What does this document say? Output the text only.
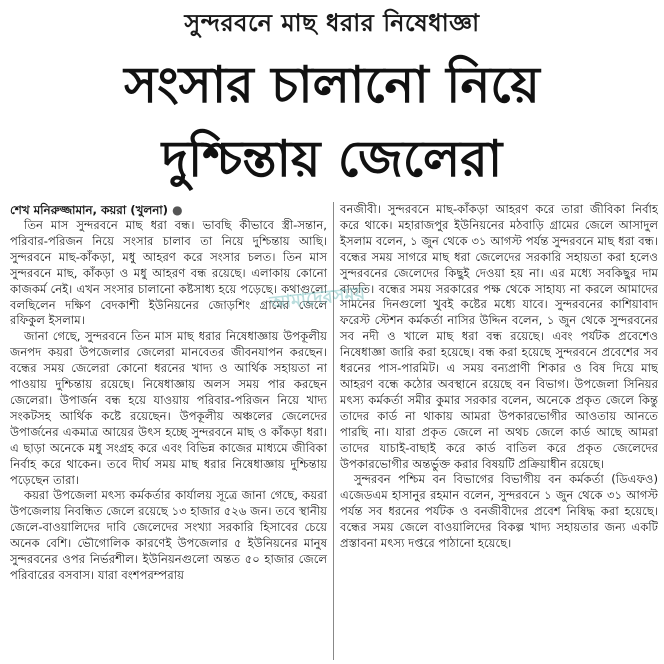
সুন্দরবনে মাছ ধরার নিষেধাজ্ঞা
সংসার চালানো নিয়ে
দুশ্চিন্তায় জেলেরা

শেখ মনিরুজ্জামান, কয়রা (খুলনা) ●

তিন মাস সুন্দরবনে মাছ ধরা বন্ধ। ভাবছি কীভাবে স্ত্রী-সন্তান, পরিবার-পরিজন নিয়ে সংসার চালাব তা নিয়ে দুশ্চিন্তায় আছি। সুন্দরবনে মাছ-কাঁকড়া, মধু আহরণ করে সংসার চলত। তিন মাস সুন্দরবনে মাছ, কাঁকড়া ও মধু আহরণ বন্ধ রয়েছে। এলাকায় কোনো কাজকর্ম নেই। এখন সংসার চালানো কষ্টসাধ্য হয়ে পড়েছে। কথাগুলো বলছিলেন দক্ষিণ বেদকাশী ইউনিয়নের জোড়শিং গ্রামের জেলে রফিকুল ইসলাম।

জানা গেছে, সুন্দরবনে তিন মাস মাছ ধরার নিষেধাজ্ঞায় উপকূলীয় জনপদ কয়রা উপজেলার জেলেরা মানবেতর জীবনযাপন করছেন। বন্ধের সময় জেলেরা কোনো ধরনের খাদ্য ও আর্থিক সহায়তা না পাওয়ায় দুশ্চিন্তায় রয়েছে। নিষেধাজ্ঞায় অলস সময় পার করছেন জেলেরা। উপার্জন বন্ধ হয়ে যাওয়ায় পরিবার-পরিজন নিয়ে খাদ্য সংকটসহ আর্থিক কষ্টে রয়েছেন। উপকূলীয় অঞ্চলের জেলেদের উপার্জনের একমাত্র আয়ের উৎস হচ্ছে সুন্দরবনে মাছ ও কাঁকড়া ধরা। এ ছাড়া অনেকে মধু সংগ্রহ করে এবং বিভিন্ন কাজের মাধ্যমে জীবিকা নির্বাহ করে থাকেন। তবে দীর্ঘ সময় মাছ ধরার নিষেধাজ্ঞায় দুশ্চিন্তায় পড়েছেন তারা।

কয়রা উপজেলা মৎস্য কর্মকর্তার কার্যালয় সূত্রে জানা গেছে, কয়রা উপজেলায় নিবন্ধিত জেলে রয়েছে ১৩ হাজার ৫২৬ জন। তবে স্থানীয় জেলে-বাওয়ালিদের দাবি জেলেদের সংখ্যা সরকারি হিসাবের চেয়ে অনেক বেশি। ভৌগোলিক কারণেই উপজেলার ৫ ইউনিয়নের মানুষ সুন্দরবনের ওপর নির্ভরশীল। ইউনিয়নগুলো অন্তত ৫০ হাজার জেলে পরিবারের বসবাস। যারা বংশপরম্পরায়

বনজীবী। সুন্দরবনে মাছ-কাঁকড়া আহরণ করে তারা জীবিকা নির্বাহ করে থাকে। মহারাজপুর ইউনিয়নের মঠবাড়ি গ্রামের জেলে আসাদুল ইসলাম বলেন, ১ জুন থেকে ৩১ আগস্ট পর্যন্ত সুন্দরবনে মাছ ধরা বন্ধ। বন্ধের সময় সাগরে মাছ ধরা জেলেদের সরকারি সহায়তা করা হলেও সুন্দরবনের জেলেদের কিছুই দেওয়া হয় না। এর মধ্যে সবকিছুর দাম বাড়তি। বন্ধের সময় সরকারের পক্ষ থেকে সাহায্য না করলে আমাদের সামনের দিনগুলো খুবই কষ্টের মধ্যে যাবে। সুন্দরবনের কাশিয়াবাদ ফরেস্ট স্টেশন কর্মকর্তা নাসির উদ্দিন বলেন, ১ জুন থেকে সুন্দরবনের সব নদী ও খালে মাছ ধরা বন্ধ রয়েছে। এবং পর্যটক প্রবেশেও নিষেধাজ্ঞা জারি করা হয়েছে। বন্ধ করা হয়েছে সুন্দরবনে প্রবেশের সব ধরনের পাস-পারমিট। এ সময় বন্যপ্রাণী শিকার ও বিষ দিয়ে মাছ আহরণ বন্ধে কঠোর অবস্থানে রয়েছে বন বিভাগ। উপজেলা সিনিয়র মৎস্য কর্মকর্তা সমীর কুমার সরকার বলেন, অনেকে প্রকৃত জেলে কিন্তু তাদের কার্ড না থাকায় আমরা উপকারভোগীর আওতায় আনতে পারছি না। যারা প্রকৃত জেলে না অথচ জেলে কার্ড আছে আমরা তাদের যাচাই-বাছাই করে কার্ড বাতিল করে প্রকৃত জেলেদের উপকারভোগীর অন্তর্ভুক্ত করার বিষয়টি প্রক্রিয়াধীন রয়েছে।

সুন্দরবন পশ্চিম বন বিভাগের বিভাগীয় বন কর্মকর্তা (ডিএফও) এজেডএম হাসানুর রহমান বলেন, সুন্দরবনে ১ জুন থেকে ৩১ আগস্ট পর্যন্ত সব ধরনের পর্যটক ও বনজীবীদের প্রবেশ নিষিদ্ধ করা হয়েছে। বন্ধের সময় জেলে বাওয়ালিদের বিকল্প খাদ্য সহায়তার জন্য একটি প্রস্তাবনা মৎস্য দপ্তরে পাঠানো হয়েছে।

আমাদেরসময়
